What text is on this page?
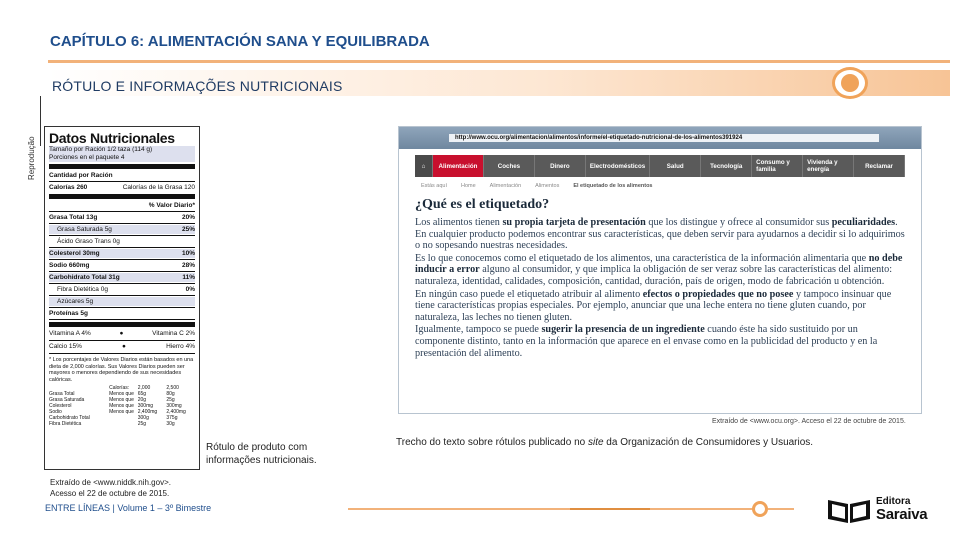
CAPÍTULO 6: ALIMENTACIÓN SANA Y EQUILIBRADA
RÓTULO E INFORMAÇÕES NUTRICIONAIS
Reprodução Datos Nutricionales
Tamaño por Ración 1/2 taza (114 g)
Porciones en el paquete 4
Cantidad por Ración
Calorías 260	Calorías de la Grasa 120
% Valor Diario*
Grasa Total 13g	20%
Grasa Saturada 5g	25%
Ácido Graso Trans 0g
Colesterol 30mg	10%
Sodio 660mg	28%
Carbohidrato Total 31g	11%
Fibra Dietética 0g	0%
Azúcares 5g
Proteínas 5g
Vitamina A 4%	●	Vitamina C 2%
Calcio 15%	●	Hierro 4%
* Los porcentajes de Valores Diarios están basados en una dieta de 2,000 calorías. Sus Valores Diarios pueden ser mayores o menores dependiendo de sus necesidades calóricas.
Calorías:	2,000	2,500
Grasa Total	Menos que 65g	80g
Grasa Saturada	Menos que 20g	25g
Colesterol	Menos que 300mg	300mg
Sodio	Menos que 2,400mg	2,400mg
Carbohidrato Total	300g	375g
Fibra Dietética	25g	30g
Rótulo de produto com
informações nutricionais.
Extraído de <www.niddk.nih.gov>.
Acesso el 22 de octubre de 2015.
http://www.ocu.org/alimentacion/alimentos/informe/el-etiquetado-nutricional-de-los-alimentos391924
⌂	Alimentación	Coches	Dinero	Electrodomésticos	Salud	Tecnología	Consumo y familia
Vivienda y energía	Reclamar
Estás aquí	Home	Alimentación	Alimentos	El etiquetado de los alimentos
¿Qué es el etiquetado?

Los alimentos tienen su propia tarjeta de presentación que los distingue y ofrece al consumidor sus peculiaridades. En cualquier producto podemos encontrar sus características, que deben servir para ayudarnos a decidir si lo adquirimos o no sopesando nuestras necesidades.

Es lo que conocemos como el etiquetado de los alimentos, una característica de la información alimentaria que no debe inducir a error alguno al consumidor, y que implica la obligación de ser veraz sobre las características del alimento: naturaleza, identidad, calidades, composición, cantidad, duración, país de origen, modo de fabricación u obtención.

En ningún caso puede el etiquetado atribuir al alimento efectos o propiedades que no posee y tampoco insinuar que tiene características propias especiales. Por ejemplo, anunciar que una leche entera no tiene gluten cuando, por naturaleza, las leches no tienen gluten.

Igualmente, tampoco se puede sugerir la presencia de un ingrediente cuando éste ha sido sustituido por un componente distinto, tanto en la información que aparece en el envase como en la publicidad del producto y en la presentación del alimento.

Extraído de <www.ocu.org>. Acceso el 22 de octubre de 2015.
Trecho do texto sobre rótulos publicado no site da Organización de Consumidores y Usuarios.
ENTRE LÍNEAS | Volume 1 – 3º Bimestre
Editora
Saraiva
